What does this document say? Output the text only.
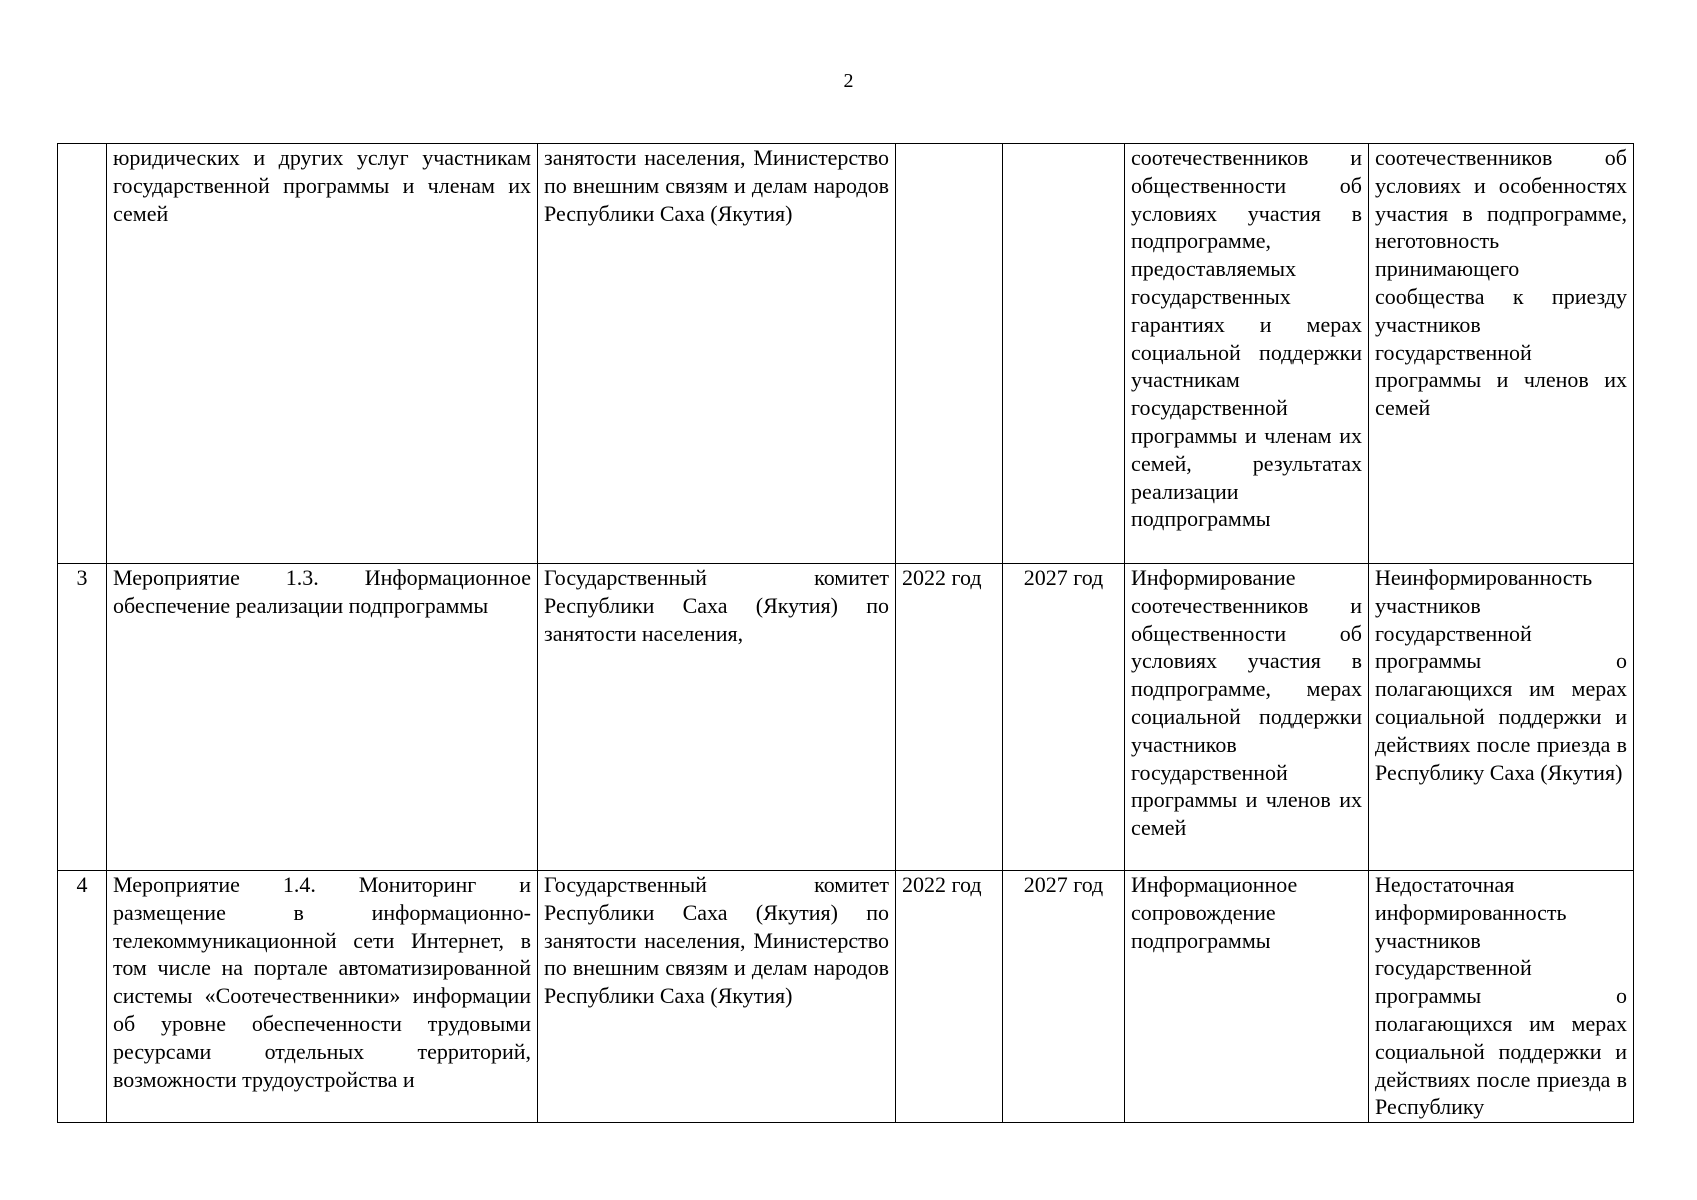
2

	юридических и других услуг участникам государственной программы и членам их семей	занятости населения, Министерство по внешним связям и делам народов Республики Саха (Якутия)			соотечественников и общественности об условиях участия в подпрограмме, предоставляемых государственных гарантиях и мерах социальной поддержки участникам государственной программы и членам их семей, результатах реализации подпрограммы	соотечественников об условиях и особенностях участия в подпрограмме, неготовность принимающего сообщества к приезду участников государственной программы и членов их семей

3	Мероприятие 1.3. Информационное обеспечение реализации подпрограммы	Государственный комитет Республики Саха (Якутия) по занятости населения,	2022 год	2027 год	Информирование соотечественников и общественности об условиях участия в подпрограмме, мерах социальной поддержки участников государственной программы и членов их семей	Неинформированность участников государственной программы о полагающихся им мерах социальной поддержки и действиях после приезда в Республику Саха (Якутия)

4	Мероприятие 1.4. Мониторинг и размещение в информационно-телекоммуникационной сети Интернет, в том числе на портале автоматизированной системы «Соотечественники» информации об уровне обеспеченности трудовыми ресурсами отдельных территорий, возможности трудоустройства и	Государственный комитет Республики Саха (Якутия) по занятости населения, Министерство по внешним связям и делам народов Республики Саха (Якутия)	2022 год	2027 год	Информационное сопровождение подпрограммы	Недостаточная информированность участников государственной программы о полагающихся им мерах социальной поддержки и действиях после приезда в Республику
